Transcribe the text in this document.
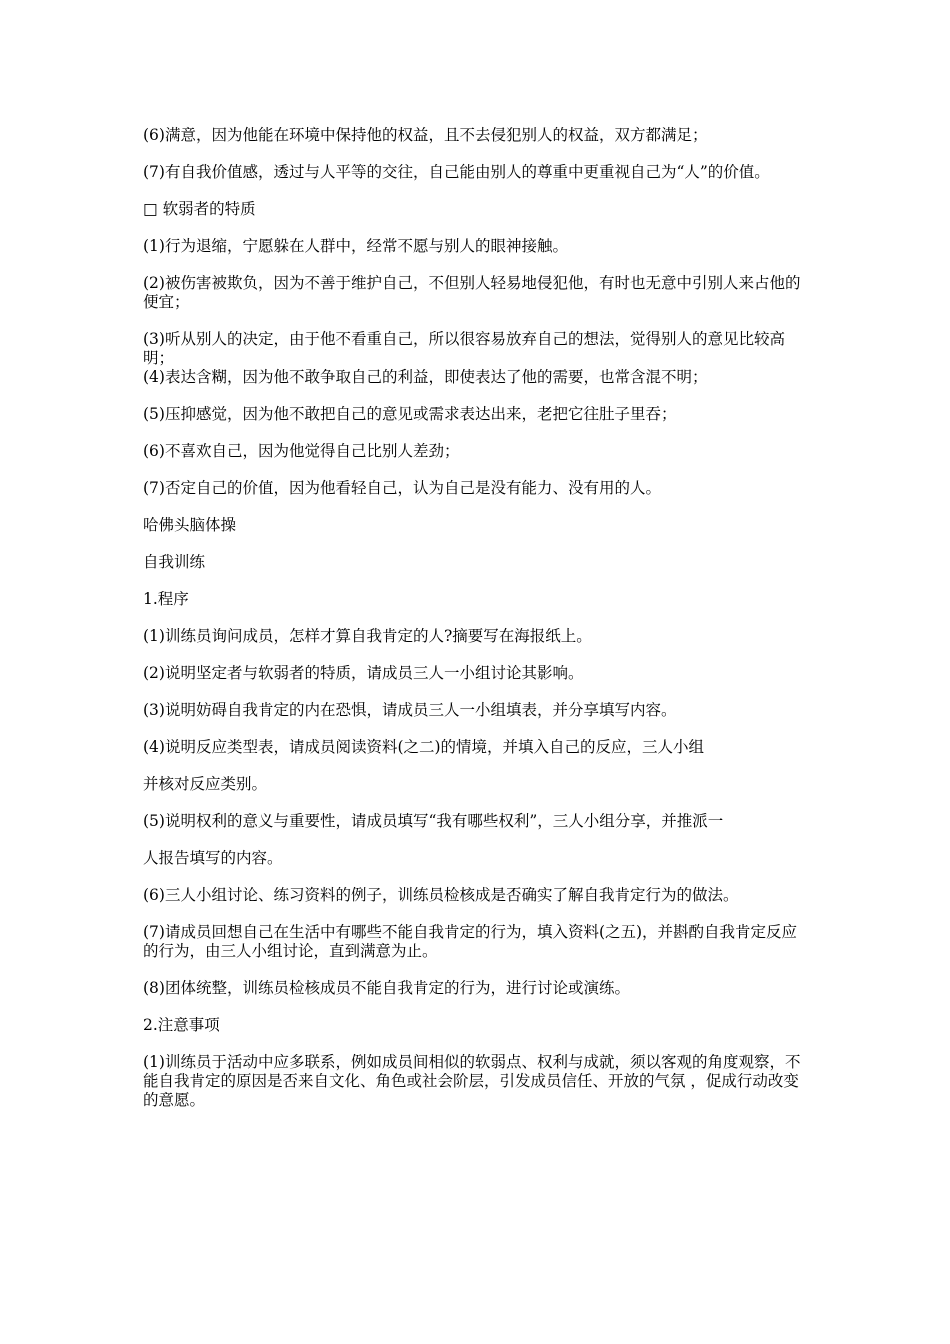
(6)满意，因为他能在环境中保持他的权益，且不去侵犯别人的权益，双方都满足；

(7)有自我价值感，透过与人平等的交往，自己能由别人的尊重中更重视自己为“人”的价值。

□ 软弱者的特质

(1)行为退缩，宁愿躲在人群中，经常不愿与别人的眼神接触。

(2)被伤害被欺负，因为不善于维护自己，不但别人轻易地侵犯他，有时也无意中引别人来占他的便宜；

(3)听从别人的决定，由于他不看重自己，所以很容易放弃自己的想法，觉得别人的意见比较高明；

(4)表达含糊，因为他不敢争取自己的利益，即使表达了他的需要，也常含混不明；

(5)压抑感觉，因为他不敢把自己的意见或需求表达出来，老把它往肚子里吞；

(6)不喜欢自己，因为他觉得自己比别人差劲；

(7)否定自己的价值，因为他看轻自己，认为自己是没有能力、没有用的人。

哈佛头脑体操

自我训练

1.程序

(1)训练员询问成员，怎样才算自我肯定的人?摘要写在海报纸上。

(2)说明坚定者与软弱者的特质，请成员三人一小组讨论其影响。

(3)说明妨碍自我肯定的内在恐惧，请成员三人一小组填表，并分享填写内容。

(4)说明反应类型表，请成员阅读资料(之二)的情境，并填入自己的反应，三人小组

并核对反应类别。

(5)说明权利的意义与重要性，请成员填写“我有哪些权利”，三人小组分享，并推派一

人报告填写的内容。

(6)三人小组讨论、练习资料的例子，训练员检核成是否确实了解自我肯定行为的做法。

(7)请成员回想自己在生活中有哪些不能自我肯定的行为，填入资料(之五)，并斟酌自我肯定反应的行为，由三人小组讨论，直到满意为止。

(8)团体统整，训练员检核成员不能自我肯定的行为，进行讨论或演练。

2.注意事项

(1)训练员于活动中应多联系，例如成员间相似的软弱点、权利与成就，须以客观的角度观察，不能自我肯定的原因是否来自文化、角色或社会阶层，引发成员信任、开放的气氛 ，促成行动改变的意愿。
